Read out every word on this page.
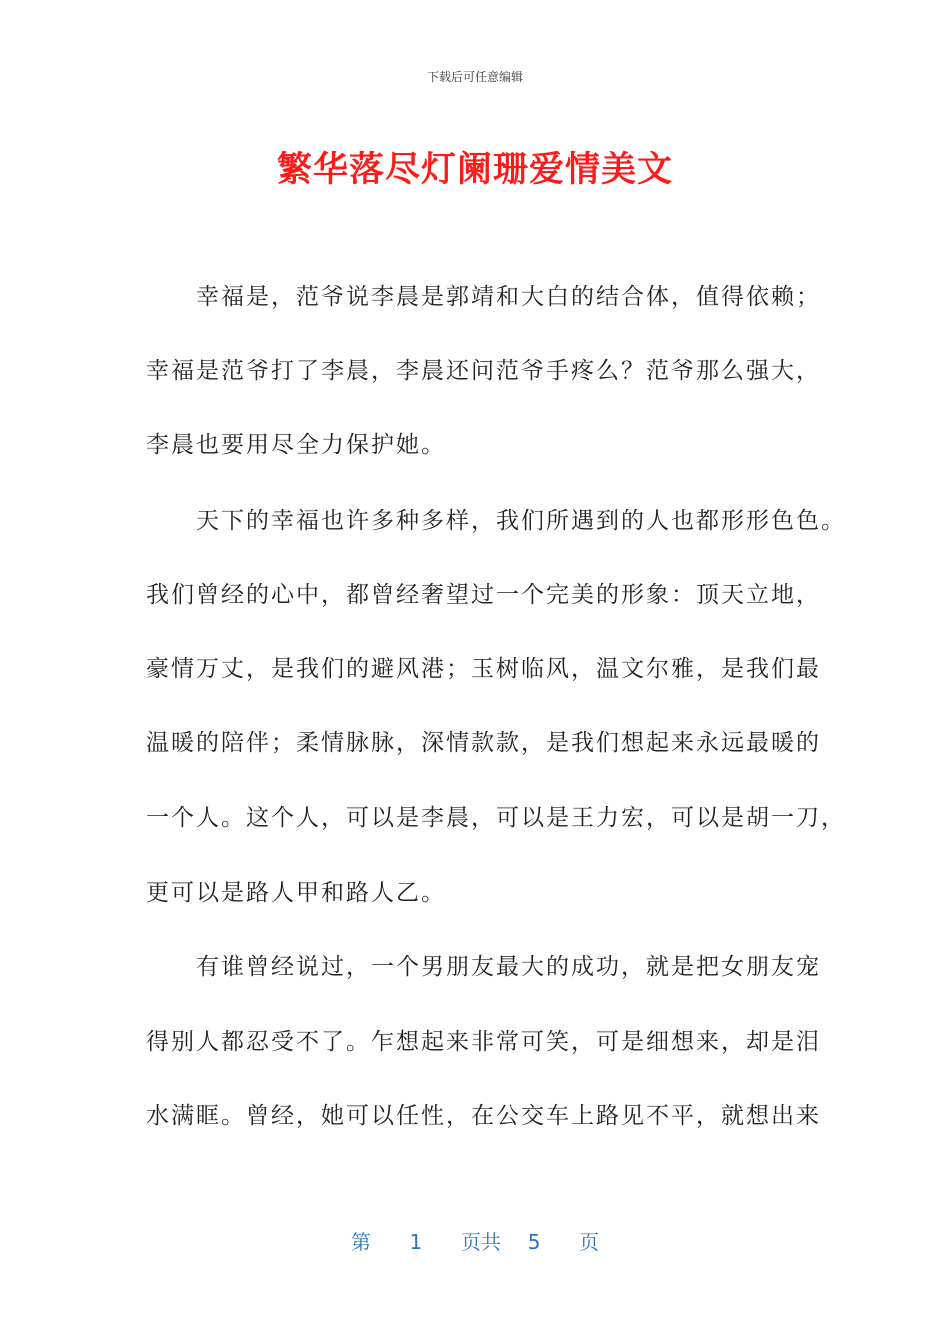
下载后可任意编辑
繁华落尽灯阑珊爱情美文
　　幸福是，范爷说李晨是郭靖和大白的结合体，值得依赖；
幸福是范爷打了李晨，李晨还问范爷手疼么？范爷那么强大，
李晨也要用尽全力保护她。
　　天下的幸福也许多种多样，我们所遇到的人也都形形色色。
我们曾经的心中，都曾经奢望过一个完美的形象：顶天立地，
豪情万丈，是我们的避风港；玉树临风，温文尔雅，是我们最
温暖的陪伴；柔情脉脉，深情款款，是我们想起来永远最暖的
一个人。这个人，可以是李晨，可以是王力宏，可以是胡一刀，
更可以是路人甲和路人乙。
　　有谁曾经说过，一个男朋友最大的成功，就是把女朋友宠
得别人都忍受不了。乍想起来非常可笑，可是细想来，却是泪
水满眶。曾经，她可以任性，在公交车上路见不平，就想出来
第 1 页共 5 页
